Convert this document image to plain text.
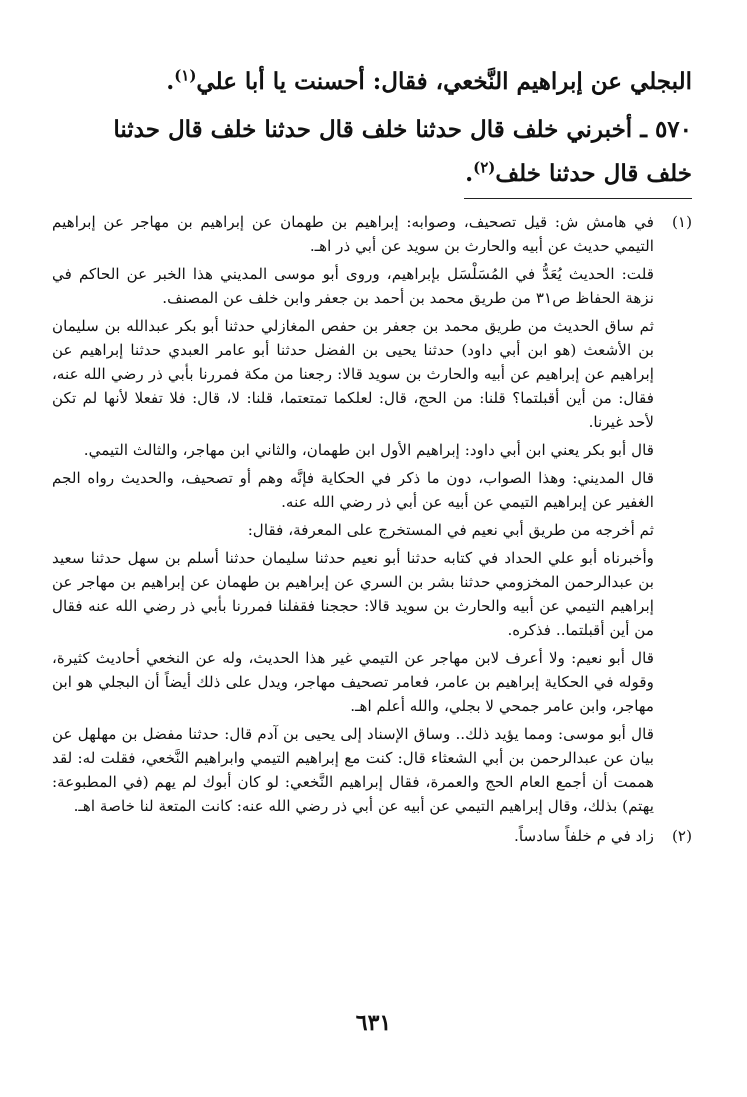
البجلي عن إبراهيم النَّخعي، فقال: أحسنت يا أبا علي$^{(١)}$.
٥٧٠ ـ أخبرني خلف قال حدثنا خلف قال حدثنا خلف قال حدثنا
خلف قال حدثنا خلف$^{(٢)}$.
(١)

في هامش ش: قيل تصحيف، وصوابه: إبراهيم بن طهمان عن إبراهيم بن مهاجر عن إبراهيم التيمي حديث عن أبيه والحارث بن سويد عن أبي ذر اهـ.

قلت: الحديث يُعَدُّ في المُسَلْسَل بإبراهيم، وروى أبو موسى المديني هذا الخبر عن الحاكم في نزهة الحفاظ ص٣١ من طريق محمد بن أحمد بن جعفر وابن خلف عن المصنف.

ثم ساق الحديث من طريق محمد بن جعفر بن حفص المغازلي حدثنا أبو بكر عبدالله بن سليمان بن الأشعث (هو ابن أبي داود) حدثنا يحيى بن الفضل حدثنا أبو عامر العبدي حدثنا إبراهيم عن إبراهيم عن إبراهيم عن أبيه والحارث بن سويد قالا: رجعنا من مكة فمررنا بأبي ذر رضي الله عنه، فقال: من أين أقبلتما؟ قلنا: من الحج، قال: لعلكما تمتعتما، قلنا: لا، قال: فلا تفعلا لأنها لم تكن لأحد غيرنا.

قال أبو بكر يعني ابن أبي داود: إبراهيم الأول ابن طهمان، والثاني ابن مهاجر، والثالث التيمي.

قال المديني: وهذا الصواب، دون ما ذكر في الحكاية فإنَّه وهم أو تصحيف، والحديث رواه الجم الغفير عن إبراهيم التيمي عن أبيه عن أبي ذر رضي الله عنه.

ثم أخرجه من طريق أبي نعيم في المستخرج على المعرفة، فقال:

وأخبرناه أبو علي الحداد في كتابه حدثنا أبو نعيم حدثنا سليمان حدثنا أسلم بن سهل حدثنا سعيد بن عبدالرحمن المخزومي حدثنا بشر بن السري عن إبراهيم بن طهمان عن إبراهيم بن مهاجر عن إبراهيم التيمي عن أبيه والحارث بن سويد قالا: حججنا فقفلنا فمررنا بأبي ذر رضي الله عنه فقال من أين أقبلتما.. فذكره.

قال أبو نعيم: ولا أعرف لابن مهاجر عن التيمي غير هذا الحديث، وله عن النخعي أحاديث كثيرة، وقوله في الحكاية إبراهيم بن عامر، فعامر تصحيف مهاجر، ويدل على ذلك أيضاً أن البجلي هو ابن مهاجر، وابن عامر جمحي لا بجلي، والله أعلم اهـ.

قال أبو موسى: ومما يؤيد ذلك.. وساق الإسناد إلى يحيى بن آدم قال: حدثنا مفضل بن مهلهل عن بيان عن عبدالرحمن بن أبي الشعثاء قال: كنت مع إبراهيم التيمي وابراهيم النَّخعي، فقلت له: لقد هممت أن أجمع العام الحج والعمرة، فقال إبراهيم النَّخعي: لو كان أبوك لم يهم (في المطبوعة: يهتم) بذلك، وقال إبراهيم التيمي عن أبيه عن أبي ذر رضي الله عنه: كانت المتعة لنا خاصة اهـ.

(٢)

زاد في م خلفاً سادساً.

٦٣١
